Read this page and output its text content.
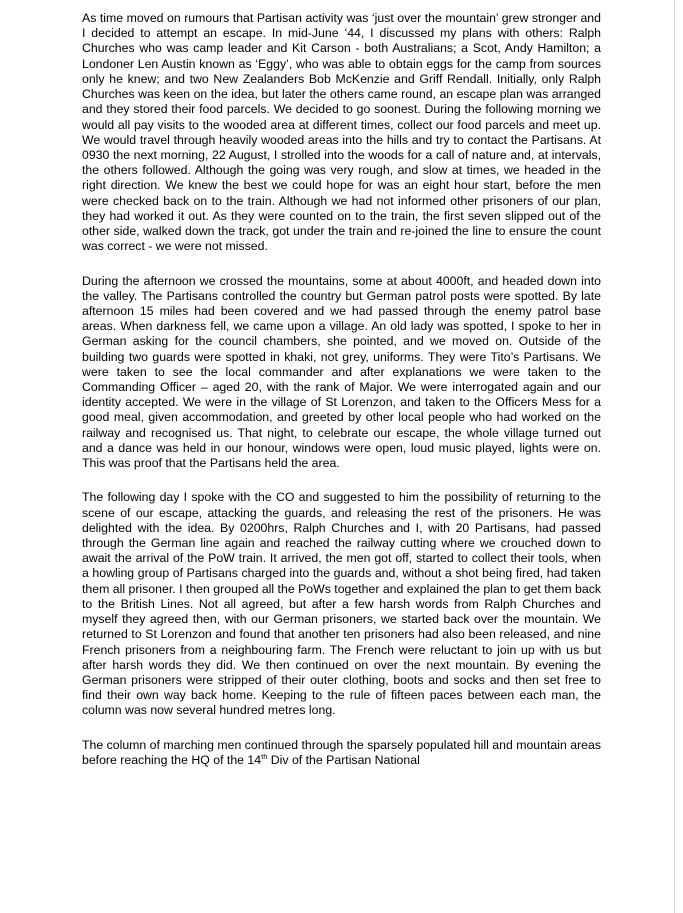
As time moved on rumours that Partisan activity was ‘just over the mountain’ grew stronger and I decided to attempt an escape. In mid-June ‘44, I discussed my plans with others: Ralph Churches who was camp leader and Kit Carson - both Australians; a Scot, Andy Hamilton; a Londoner Len Austin known as ‘Eggy’, who was able to obtain eggs for the camp from sources only he knew; and two New Zealanders Bob McKenzie and Griff Rendall. Initially, only Ralph Churches was keen on the idea, but later the others came round, an escape plan was arranged and they stored their food parcels. We decided to go soonest. During the following morning we would all pay visits to the wooded area at different times, collect our food parcels and meet up. We would travel through heavily wooded areas into the hills and try to contact the Partisans. At 0930 the next morning, 22 August, I strolled into the woods for a call of nature and, at intervals, the others followed. Although the going was very rough, and slow at times, we headed in the right direction. We knew the best we could hope for was an eight hour start, before the men were checked back on to the train. Although we had not informed other prisoners of our plan, they had worked it out. As they were counted on to the train, the first seven slipped out of the other side, walked down the track, got under the train and re-joined the line to ensure the count was correct - we were not missed.

During the afternoon we crossed the mountains, some at about 4000ft, and headed down into the valley. The Partisans controlled the country but German patrol posts were spotted. By late afternoon 15 miles had been covered and we had passed through the enemy patrol base areas. When darkness fell, we came upon a village. An old lady was spotted, I spoke to her in German asking for the council chambers, she pointed, and we moved on. Outside of the building two guards were spotted in khaki, not grey, uniforms. They were Tito’s Partisans. We were taken to see the local commander and after explanations we were taken to the Commanding Officer – aged 20, with the rank of Major. We were interrogated again and our identity accepted. We were in the village of St Lorenzon, and taken to the Officers Mess for a good meal, given accommodation, and greeted by other local people who had worked on the railway and recognised us. That night, to celebrate our escape, the whole village turned out and a dance was held in our honour, windows were open, loud music played, lights were on. This was proof that the Partisans held the area.

The following day I spoke with the CO and suggested to him the possibility of returning to the scene of our escape, attacking the guards, and releasing the rest of the prisoners. He was delighted with the idea. By 0200hrs, Ralph Churches and I, with 20 Partisans, had passed through the German line again and reached the railway cutting where we crouched down to await the arrival of the PoW train. It arrived, the men got off, started to collect their tools, when a howling group of Partisans charged into the guards and, without a shot being fired, had taken them all prisoner. I then grouped all the PoWs together and explained the plan to get them back to the British Lines. Not all agreed, but after a few harsh words from Ralph Churches and myself they agreed then, with our German prisoners, we started back over the mountain. We returned to St Lorenzon and found that another ten prisoners had also been released, and nine French prisoners from a neighbouring farm. The French were reluctant to join up with us but after harsh words they did. We then continued on over the next mountain. By evening the German prisoners were stripped of their outer clothing, boots and socks and then set free to find their own way back home. Keeping to the rule of fifteen paces between each man, the column was now several hundred metres long.

The column of marching men continued through the sparsely populated hill and mountain areas before reaching the HQ of the 14th Div of the Partisan National
